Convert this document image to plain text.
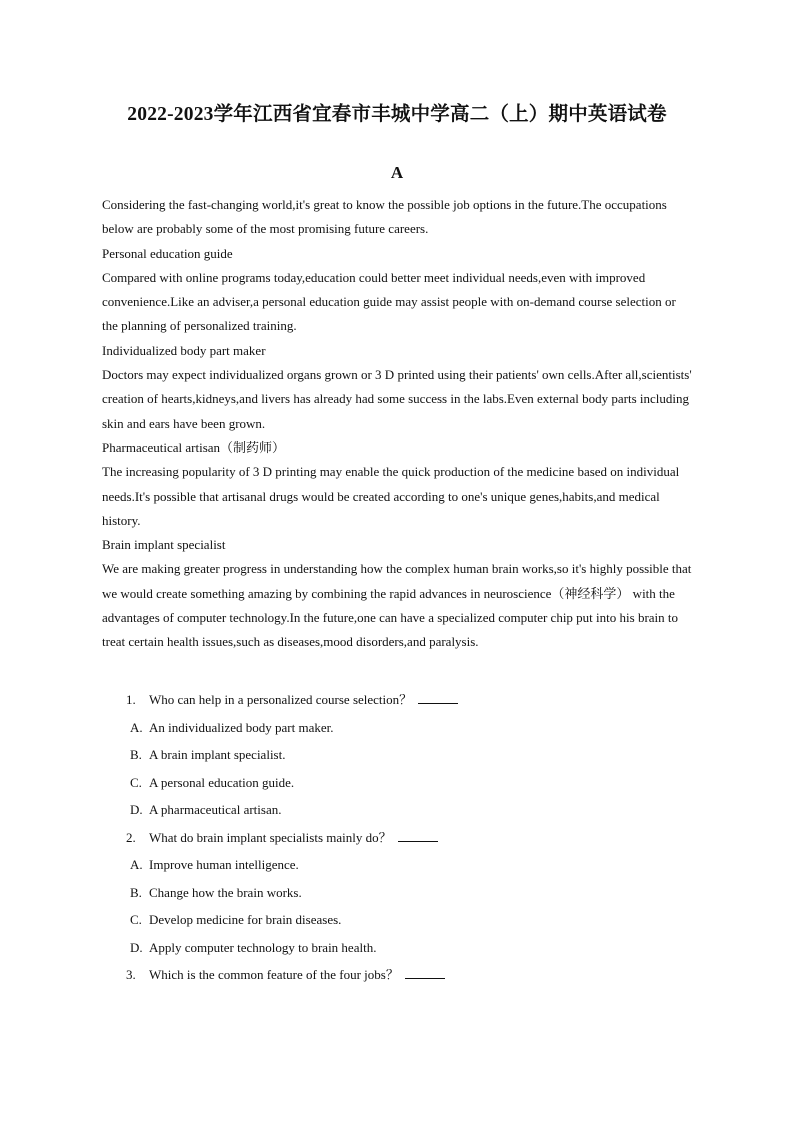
2022-2023学年江西省宜春市丰城中学高二（上）期中英语试卷
A

Considering the fast-changing world,it's great to know the possible job options in the future.The occupations below are probably some of the most promising future careers.

Personal education guide

Compared with online programs today,education could better meet individual needs,even with improved convenience.Like an adviser,a personal education guide may assist people with on-demand course selection or the planning of personalized training.

Individualized body part maker

Doctors may expect individualized organs grown or 3 D printed using their patients' own cells.After all,scientists' creation of hearts,kidneys,and livers has already had some success in the labs.Even external body parts including skin and ears have been grown.

Pharmaceutical artisan（制药师）

The increasing popularity of 3 D printing may enable the quick production of the medicine based on individual needs.It's possible that artisanal drugs would be created according to one's unique genes,habits,and medical history.

Brain implant specialist

We are making greater progress in understanding how the complex human brain works,so it's highly possible that we would create something amazing by combining the rapid advances in neuroscience（神经科学） with the advantages of computer technology.In the future,one can have a specialized computer chip put into his brain to treat certain health issues,such as diseases,mood disorders,and paralysis.

1. Who can help in a personalized course selection？
A. An individualized body part maker.
B. A brain implant specialist.
C. A personal education guide.
D. A pharmaceutical artisan.
2. What do brain implant specialists mainly do？
A. Improve human intelligence.
B. Change how the brain works.
C. Develop medicine for brain diseases.
D. Apply computer technology to brain health.
3. Which is the common feature of the four jobs？
